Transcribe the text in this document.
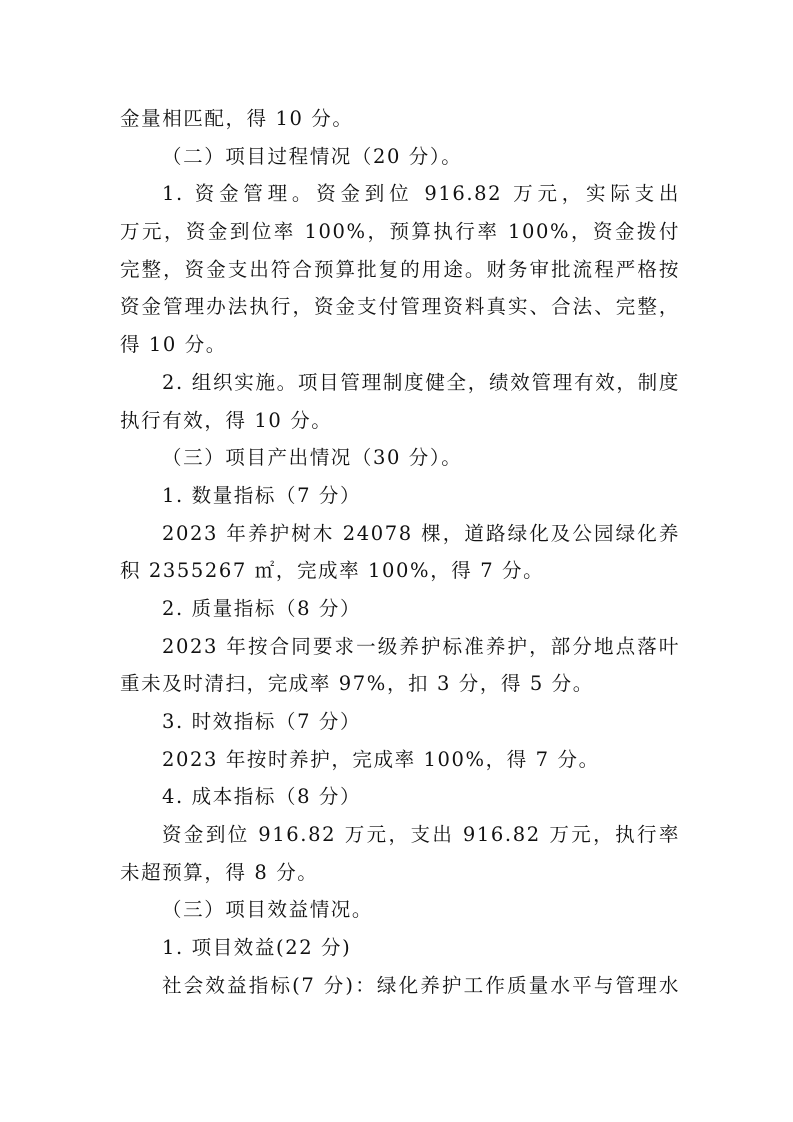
金量相匹配，得 10 分。
（二）项目过程情况（20 分）。
1. 资金管理。资金到位 916.82 万元，实际支出
万元，资金到位率 100%，预算执行率 100%，资金拨付
完整，资金支出符合预算批复的用途。财务审批流程严格按
资金管理办法执行，资金支付管理资料真实、合法、完整，
得 10 分。
2. 组织实施。项目管理制度健全，绩效管理有效，制度
执行有效，得 10 分。
（三）项目产出情况（30 分）。
1. 数量指标（7 分）
2023 年养护树木 24078 棵，道路绿化及公园绿化养
积 2355267 ㎡，完成率 100%，得 7 分。
2. 质量指标（8 分）
2023 年按合同要求一级养护标准养护，部分地点落叶
重未及时清扫，完成率 97%，扣 3 分，得 5 分。
3. 时效指标（7 分）
2023 年按时养护，完成率 100%，得 7 分。
4. 成本指标（8 分）
资金到位 916.82 万元，支出 916.82 万元，执行率
未超预算，得 8 分。
（三）项目效益情况。
1. 项目效益(22 分)
社会效益指标(7 分)：绿化养护工作质量水平与管理水
